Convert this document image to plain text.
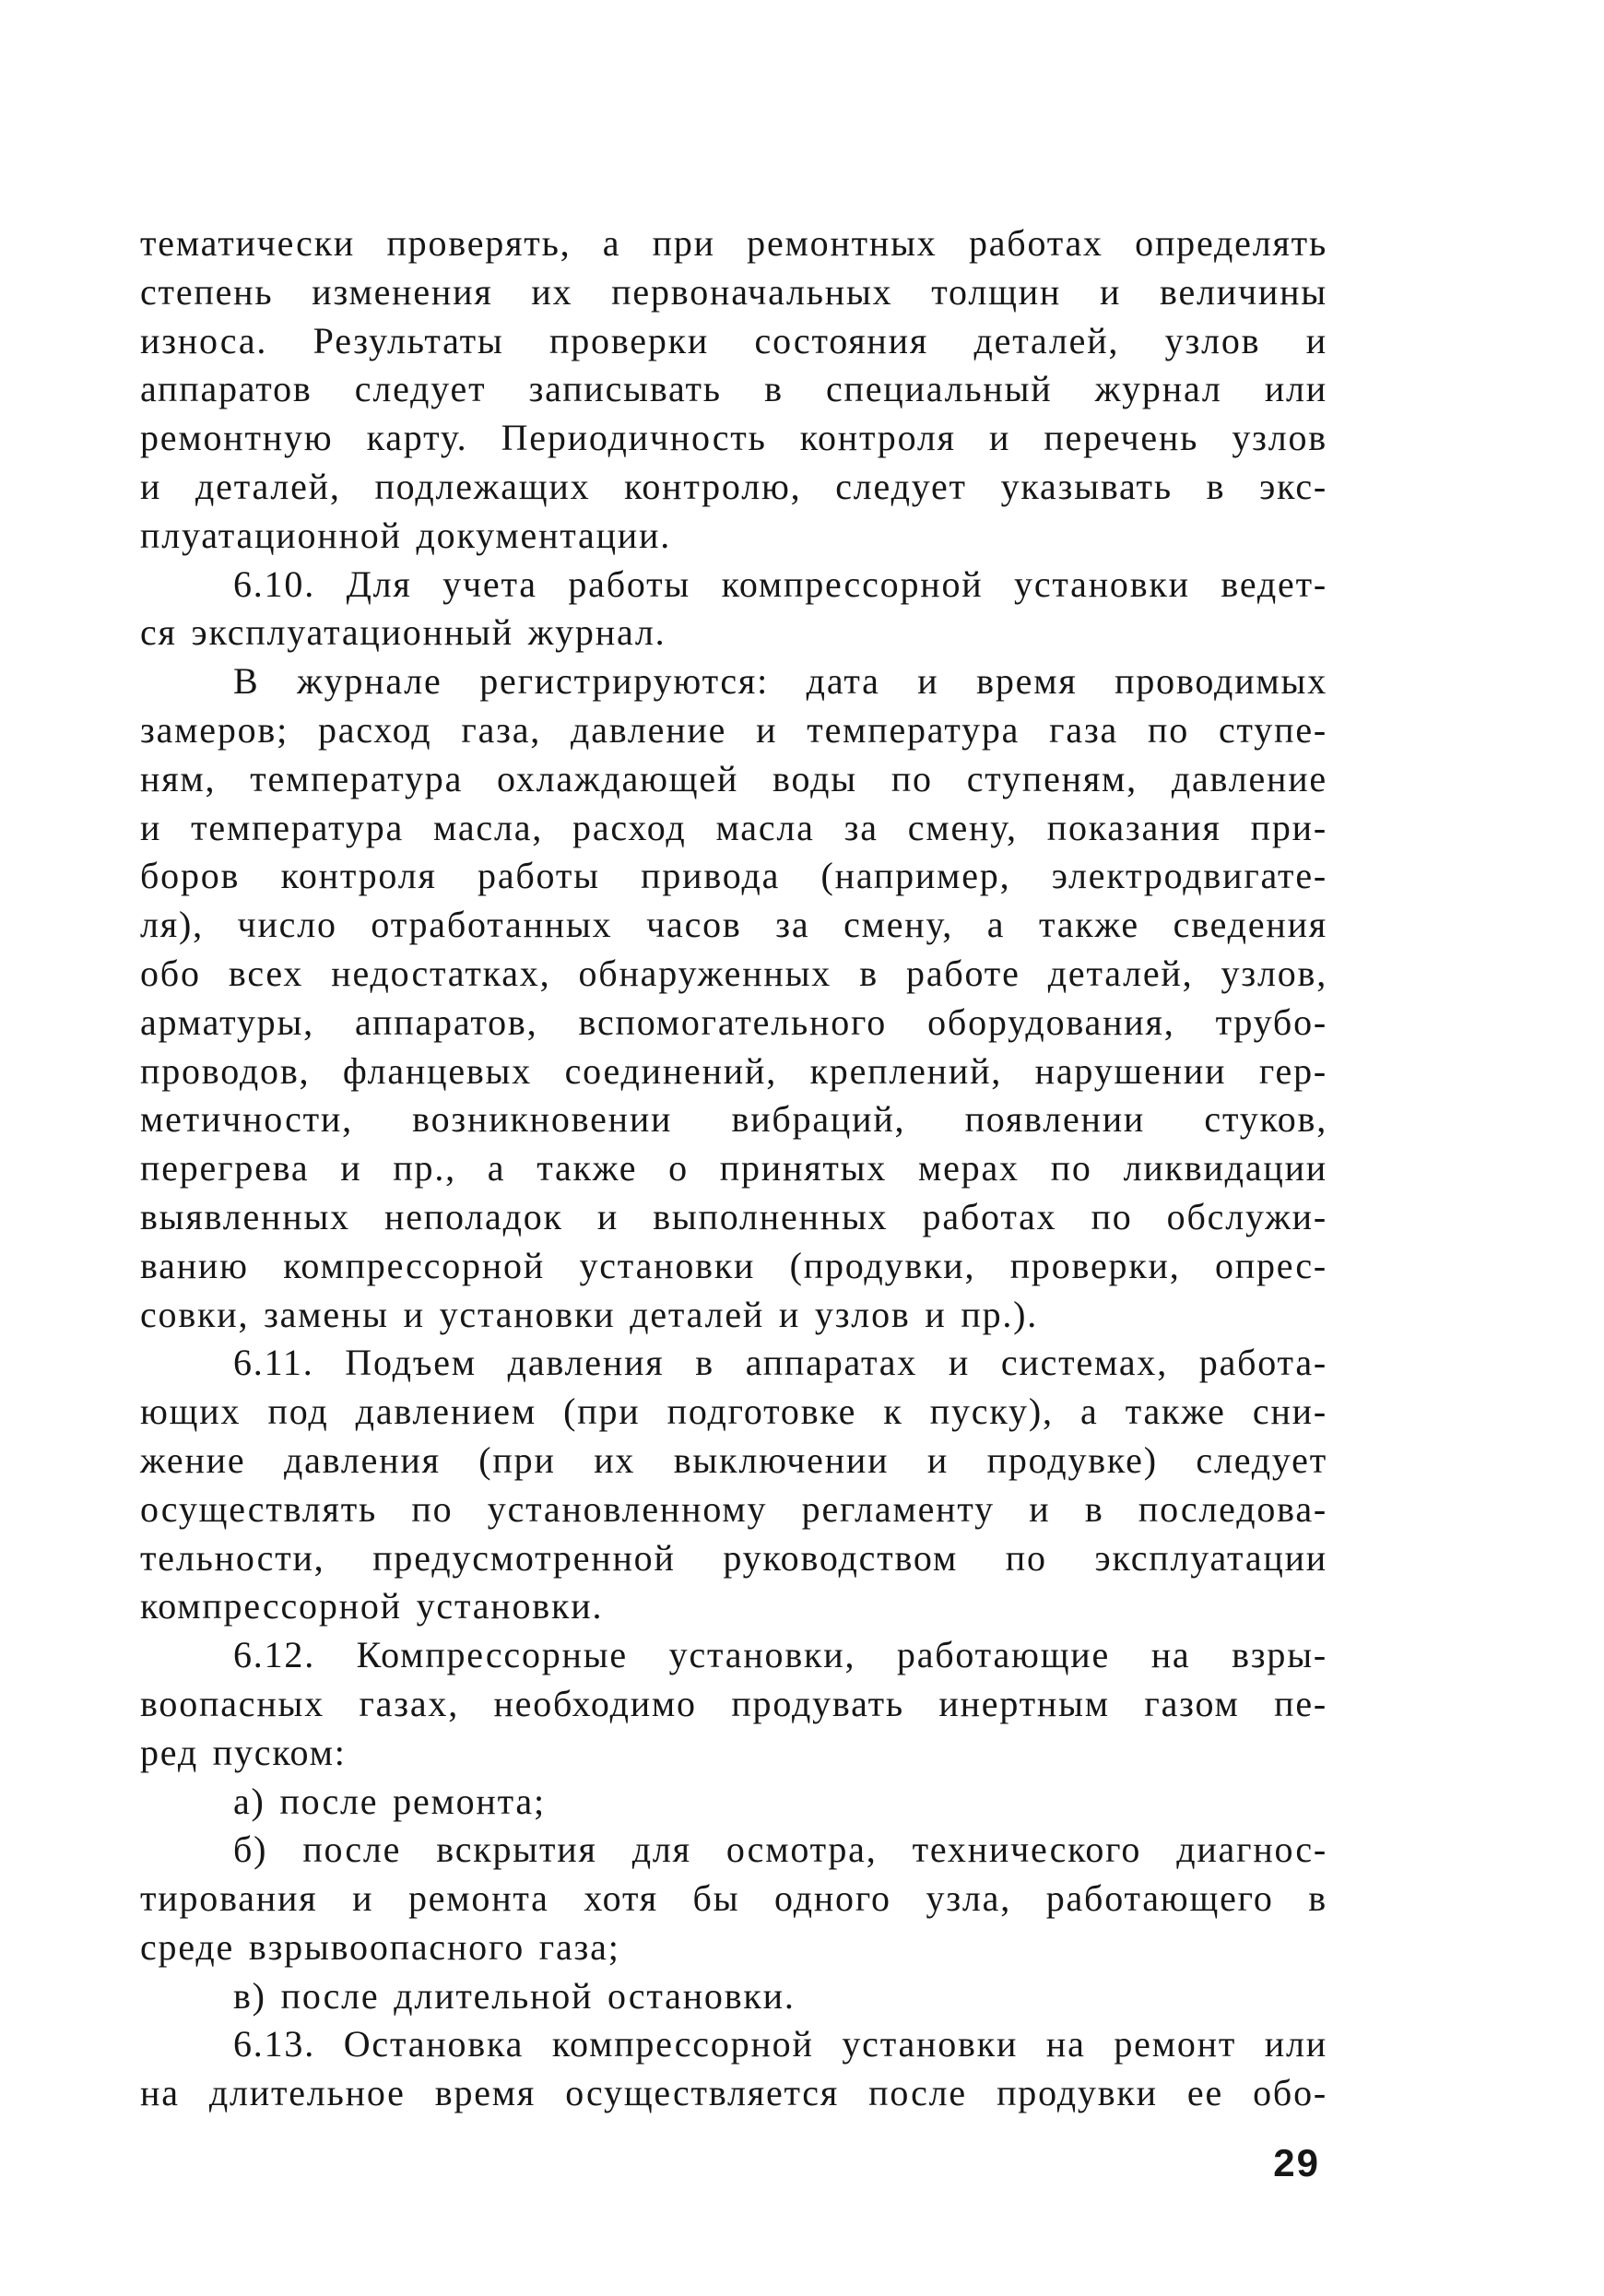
тематически проверять, а при ремонтных работах определять
степень изменения их первоначальных толщин и величины
износа. Результаты проверки состояния деталей, узлов и
аппаратов следует записывать в специальный журнал или
ремонтную карту. Периодичность контроля и перечень узлов
и деталей, подлежащих контролю, следует указывать в экс-
плуатационной документации.
6.10. Для учета работы компрессорной установки ведет-
ся эксплуатационный журнал.
В журнале регистрируются: дата и время проводимых
замеров; расход газа, давление и температура газа по ступе-
ням, температура охлаждающей воды по ступеням, давление
и температура масла, расход масла за смену, показания при-
боров контроля работы привода (например, электродвигате-
ля), число отработанных часов за смену, а также сведения
обо всех недостатках, обнаруженных в работе деталей, узлов,
арматуры, аппаратов, вспомогательного оборудования, трубо-
проводов, фланцевых соединений, креплений, нарушении гер-
метичности, возникновении вибраций, появлении стуков,
перегрева и пр., а также о принятых мерах по ликвидации
выявленных неполадок и выполненных работах по обслужи-
ванию компрессорной установки (продувки, проверки, опрес-
совки, замены и установки деталей и узлов и пр.).
6.11. Подъем давления в аппаратах и системах, работа-
ющих под давлением (при подготовке к пуску), а также сни-
жение давления (при их выключении и продувке) следует
осуществлять по установленному регламенту и в последова-
тельности, предусмотренной руководством по эксплуатации
компрессорной установки.
6.12. Компрессорные установки, работающие на взры-
воопасных газах, необходимо продувать инертным газом пе-
ред пуском:
а) после ремонта;
б) после вскрытия для осмотра, технического диагнос-
тирования и ремонта хотя бы одного узла, работающего в
среде взрывоопасного газа;
в) после длительной остановки.
6.13. Остановка компрессорной установки на ремонт или
на длительное время осуществляется после продувки ее обо-
29
